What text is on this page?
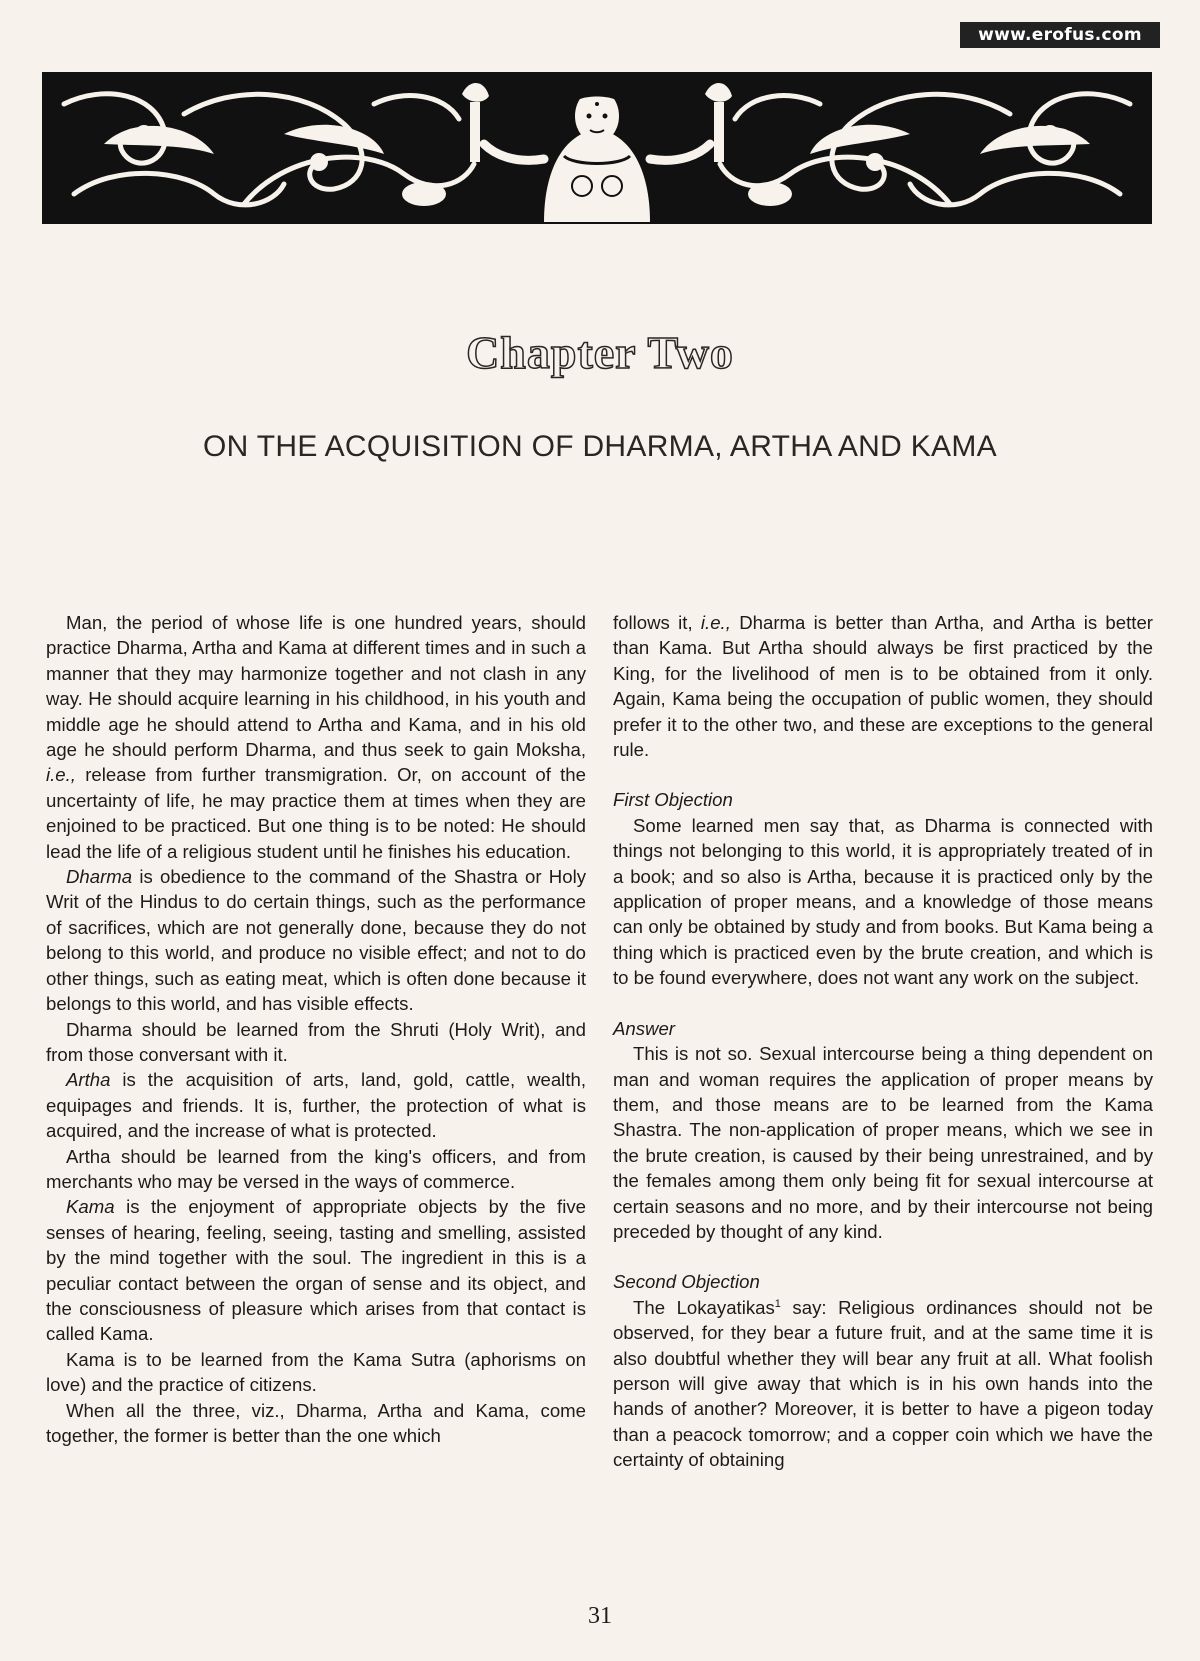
www.erofus.com
Chapter Two
ON THE ACQUISITION OF DHARMA, ARTHA AND KAMA

Man, the period of whose life is one hundred years, should practice Dharma, Artha and Kama at different times and in such a manner that they may harmonize together and not clash in any way. He should acquire learning in his childhood, in his youth and middle age he should attend to Artha and Kama, and in his old age he should perform Dharma, and thus seek to gain Moksha, i.e., release from further transmigration. Or, on account of the uncertainty of life, he may practice them at times when they are enjoined to be practiced. But one thing is to be noted: He should lead the life of a religious student until he finishes his education.

Dharma is obedience to the command of the Shastra or Holy Writ of the Hindus to do certain things, such as the performance of sacrifices, which are not generally done, because they do not belong to this world, and produce no visible effect; and not to do other things, such as eating meat, which is often done because it belongs to this world, and has visible effects.

Dharma should be learned from the Shruti (Holy Writ), and from those conversant with it.

Artha is the acquisition of arts, land, gold, cattle, wealth, equipages and friends. It is, further, the protection of what is acquired, and the increase of what is protected.

Artha should be learned from the king's officers, and from merchants who may be versed in the ways of commerce.

Kama is the enjoyment of appropriate objects by the five senses of hearing, feeling, seeing, tasting and smelling, assisted by the mind together with the soul. The ingredient in this is a peculiar contact between the organ of sense and its object, and the consciousness of pleasure which arises from that contact is called Kama.

Kama is to be learned from the Kama Sutra (aphorisms on love) and the practice of citizens.

When all the three, viz., Dharma, Artha and Kama, come together, the former is better than the one which

follows it, i.e., Dharma is better than Artha, and Artha is better than Kama. But Artha should always be first practiced by the King, for the livelihood of men is to be obtained from it only. Again, Kama being the occupation of public women, they should prefer it to the other two, and these are exceptions to the general rule.

First Objection

Some learned men say that, as Dharma is connected with things not belonging to this world, it is appropriately treated of in a book; and so also is Artha, because it is practiced only by the application of proper means, and a knowledge of those means can only be obtained by study and from books. But Kama being a thing which is practiced even by the brute creation, and which is to be found everywhere, does not want any work on the subject.

Answer

This is not so. Sexual intercourse being a thing dependent on man and woman requires the application of proper means by them, and those means are to be learned from the Kama Shastra. The non-application of proper means, which we see in the brute creation, is caused by their being unrestrained, and by the females among them only being fit for sexual intercourse at certain seasons and no more, and by their intercourse not being preceded by thought of any kind.

Second Objection

The Lokayatikas$^1$ say: Religious ordinances should not be observed, for they bear a future fruit, and at the same time it is also doubtful whether they will bear any fruit at all. What foolish person will give away that which is in his own hands into the hands of another? Moreover, it is better to have a pigeon today than a peacock tomorrow; and a copper coin which we have the certainty of obtaining

31
